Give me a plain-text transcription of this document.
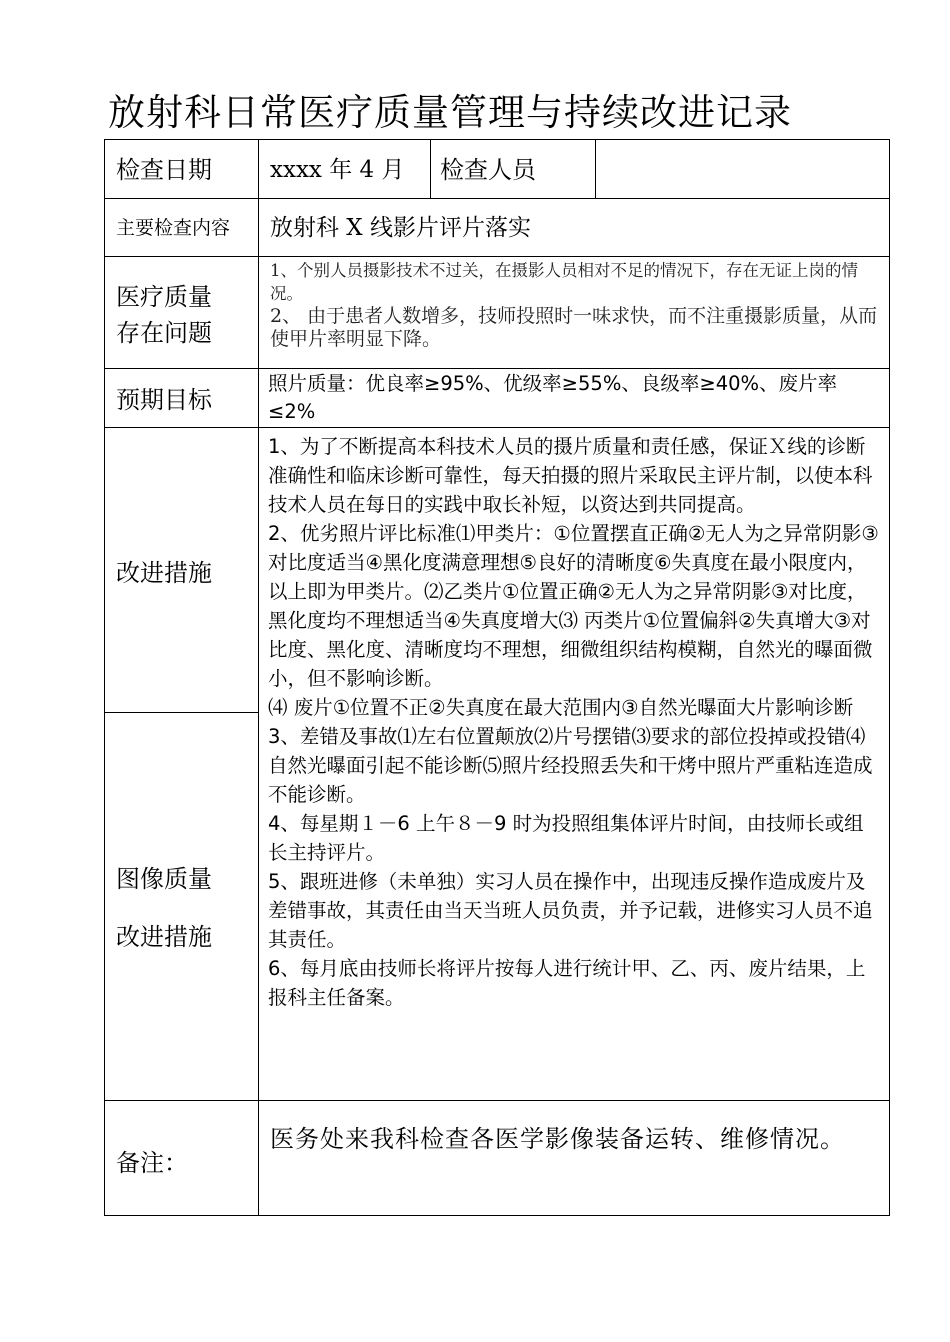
放射科日常医疗质量管理与持续改进记录
检查日期	xxxx 年 4 月 检查人员
主要检查内容 放射科 X 线影片评片落实
医疗质量
存在问题

1、个别人员摄影技术不过关，在摄影人员相对不足的情况下，存在无证上岗的情况。

2、 由于患者人数增多，技师投照时一味求快，而不注重摄影质量，从而使甲片率明显下降。

预期目标
照片质量：优良率≥95%、优级率≥55%、良级率≥40%、废片率≤2%
改进措施
图像质量
改进措施

1、为了不断提高本科技术人员的摄片质量和责任感，保证Ｘ线的诊断准确性和临床诊断可靠性，每天拍摄的照片采取民主评片制，以使本科技术人员在每日的实践中取长补短，以资达到共同提高。

2、优劣照片评比标准⑴甲类片：①位置摆直正确②无人为之异常阴影③对比度适当④黑化度满意理想⑤良好的清晰度⑥失真度在最小限度内，以上即为甲类片。⑵乙类片①位置正确②无人为之异常阴影③对比度，黑化度均不理想适当④失真度增大⑶ 丙类片①位置偏斜②失真增大③对比度、黑化度、清晰度均不理想，细微组织结构模糊，自然光的曝面微小，但不影响诊断。

⑷ 废片①位置不正②失真度在最大范围内③自然光曝面大片影响诊断

3、差错及事故⑴左右位置颠放⑵片号摆错⑶要求的部位投掉或投错⑷自然光曝面引起不能诊断⑸照片经投照丢失和干烤中照片严重粘连造成不能诊断。

4、每星期１－6 上午８－9 时为投照组集体评片时间，由技师长或组长主持评片。

5、跟班进修（未单独）实习人员在操作中，出现违反操作造成废片及差错事故，其责任由当天当班人员负责，并予记载，进修实习人员不追其责任。

6、每月底由技师长将评片按每人进行统计甲、乙、丙、废片结果，上报科主任备案。

备注：
医务处来我科检查各医学影像装备运转、维修情况。
